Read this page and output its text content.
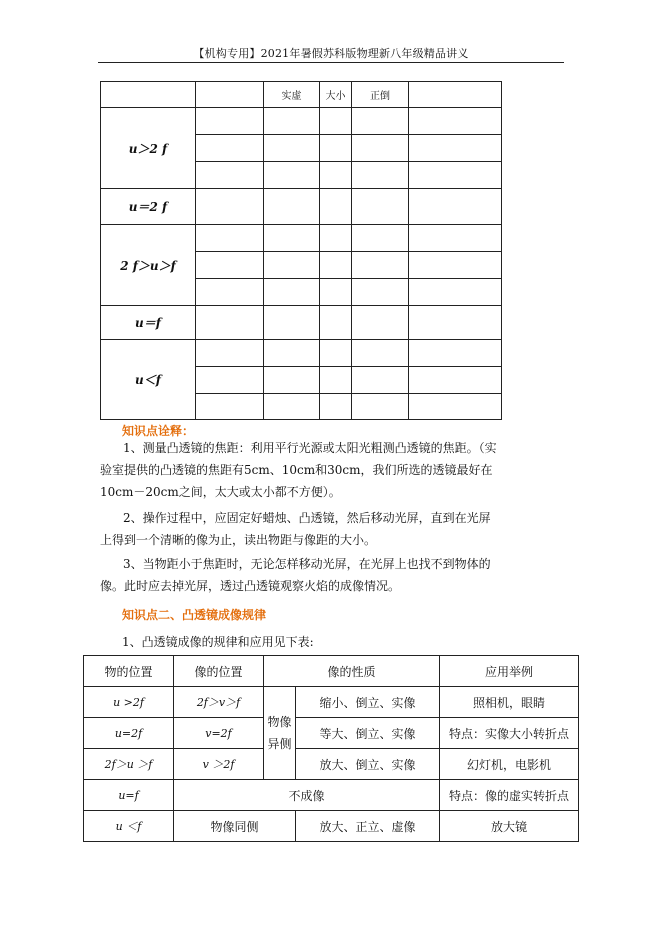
【机构专用】2021年暑假苏科版物理新八年级精品讲义
		实虚	大小	正倒	
u＞2 f					

u＝2 f					
2 f＞u＞f					

u＝f					
u＜f					

知识点诠释：

1、测量凸透镜的焦距：利用平行光源或太阳光粗测凸透镜的焦距。（实验室提供的凸透镜的焦距有5cm、10cm和30cm，我们所选的透镜最好在10cm－20cm之间，太大或太小都不方便）。

2、操作过程中，应固定好蜡烛、凸透镜，然后移动光屏，直到在光屏上得到一个清晰的像为止，读出物距与像距的大小。

3、当物距小于焦距时，无论怎样移动光屏，在光屏上也找不到物体的像。此时应去掉光屏，透过凸透镜观察火焰的成像情况。

知识点二、凸透镜成像规律
1、凸透镜成像的规律和应用见下表:
物的位置	像的位置	像的性质		应用举例
u >2f	2f＞v＞f	物像异侧	缩小、倒立、实像	照相机，眼睛
u=2f	v=2f		等大、倒立、实像	特点：实像大小转折点
2f＞u ＞f	v ＞2f		放大、倒立、实像	幻灯机，电影机
u=f	不成像			特点：像的虚实转折点
u ＜f	物像同侧		放大、正立、虚像	放大镜
